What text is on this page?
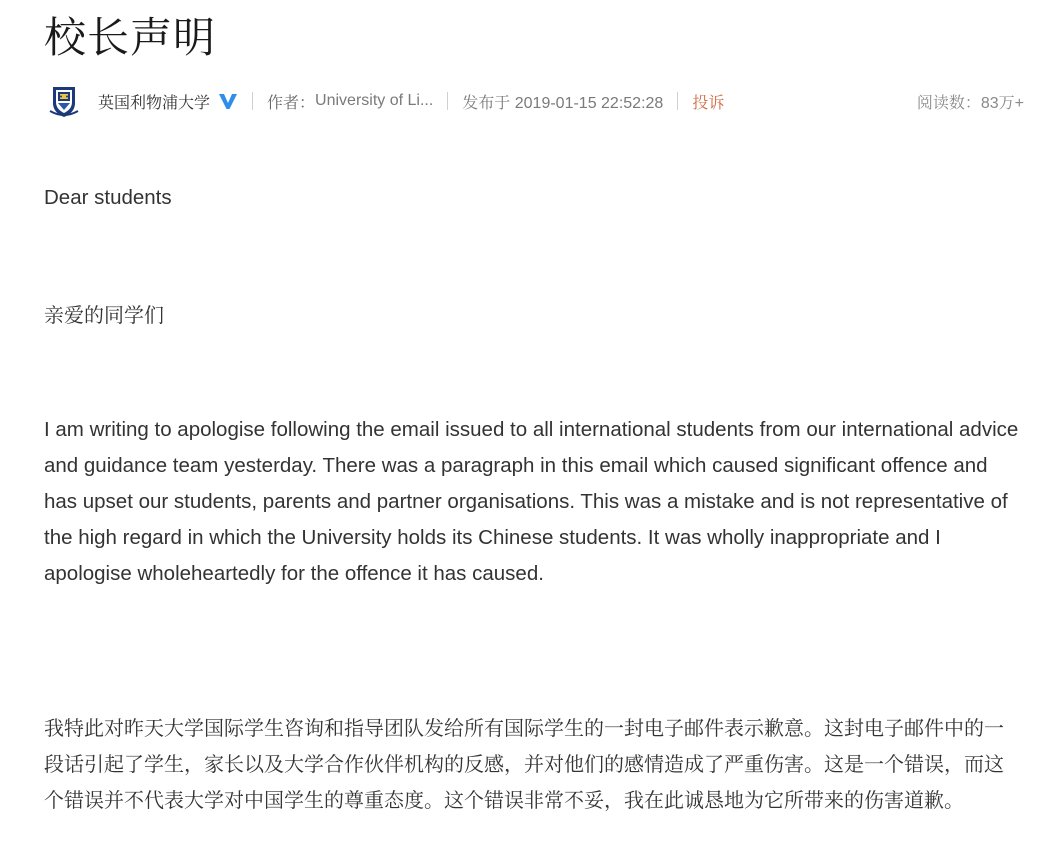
校长声明
英国利物浦大学	作者： University of Li... 发布于 2019-01-15 22:52:28 投诉	阅读数：83万+

Dear students

亲爱的同学们

I am writing to apologise following the email issued to all international students from our international advice and guidance team yesterday. There was a paragraph in this email which caused significant offence and has upset our students, parents and partner organisations. This was a mistake and is not representative of the high regard in which the University holds its Chinese students. It was wholly inappropriate and I apologise wholeheartedly for the offence it has caused.

我特此对昨天大学国际学生咨询和指导团队发给所有国际学生的一封电子邮件表示歉意。这封电子邮件中的一段话引起了学生，家长以及大学合作伙伴机构的反感，并对他们的感情造成了严重伤害。这是一个错误，而这个错误并不代表大学对中国学生的尊重态度。这个错误非常不妥，我在此诚恳地为它所带来的伤害道歉。
